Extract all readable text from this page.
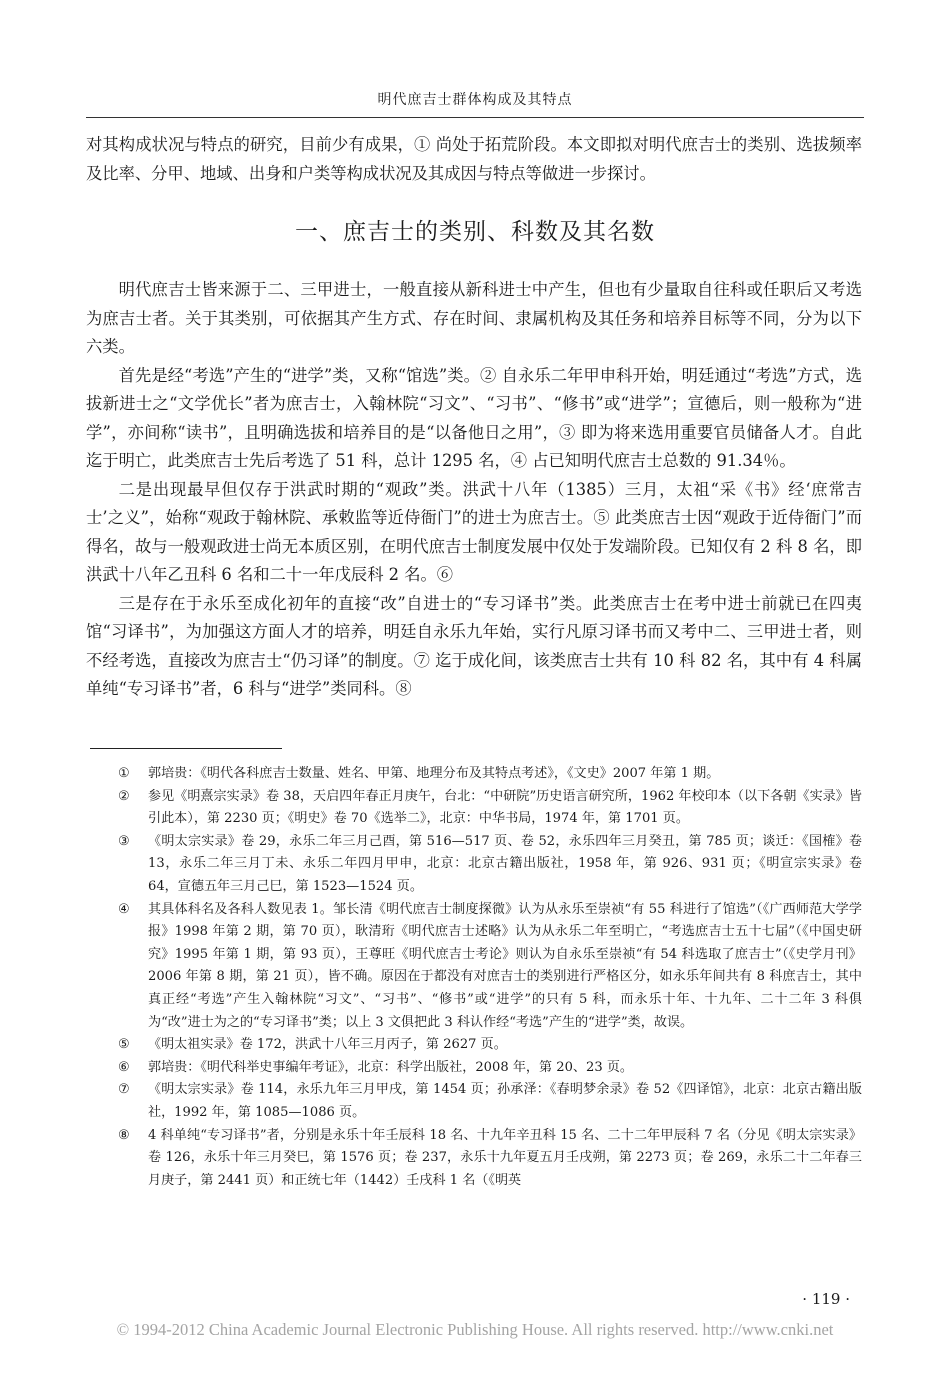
明代庶吉士群体构成及其特点

对其构成状况与特点的研究，目前少有成果，① 尚处于拓荒阶段。本文即拟对明代庶吉士的类别、选拔频率及比率、分甲、地域、出身和户类等构成状况及其成因与特点等做进一步探讨。

一、庶吉士的类别、科数及其名数

明代庶吉士皆来源于二、三甲进士，一般直接从新科进士中产生，但也有少量取自往科或任职后又考选为庶吉士者。关于其类别，可依据其产生方式、存在时间、隶属机构及其任务和培养目标等不同，分为以下六类。

首先是经“考选”产生的“进学”类，又称“馆选”类。② 自永乐二年甲申科开始，明廷通过“考选”方式，选拔新进士之“文学优长”者为庶吉士，入翰林院“习文”、“习书”、“修书”或“进学”；宣德后，则一般称为“进学”，亦间称“读书”，且明确选拔和培养目的是“以备他日之用”，③ 即为将来选用重要官员储备人才。自此迄于明亡，此类庶吉士先后考选了 51 科，总计 1295 名，④ 占已知明代庶吉士总数的 91.34％。

二是出现最早但仅存于洪武时期的“观政”类。洪武十八年（1385）三月，太祖“采《书》经‘庶常吉士’之义”，始称“观政于翰林院、承敕监等近侍衙门”的进士为庶吉士。⑤ 此类庶吉士因“观政于近侍衙门”而得名，故与一般观政进士尚无本质区别，在明代庶吉士制度发展中仅处于发端阶段。已知仅有 2 科 8 名，即洪武十八年乙丑科 6 名和二十一年戊辰科 2 名。⑥

三是存在于永乐至成化初年的直接“改”自进士的“专习译书”类。此类庶吉士在考中进士前就已在四夷馆“习译书”，为加强这方面人才的培养，明廷自永乐九年始，实行凡原习译书而又考中二、三甲进士者，则不经考选，直接改为庶吉士“仍习译”的制度。⑦ 迄于成化间，该类庶吉士共有 10 科 82 名，其中有 4 科属单纯“专习译书”者，6 科与“进学”类同科。⑧

①	郭培贵：《明代各科庶吉士数量、姓名、甲第、地理分布及其特点考述》，《文史》2007 年第 1 期。
②	参见《明熹宗实录》卷 38，天启四年春正月庚午，台北：“中研院”历史语言研究所，1962 年校印本（以下各朝《实录》皆引此本），第 2230 页；《明史》卷 70《选举二》，北京：中华书局，1974 年，第 1701 页。
③	《明太宗实录》卷 29，永乐二年三月己酉，第 516—517 页、卷 52，永乐四年三月癸丑，第 785 页；谈迁：《国榷》卷 13，永乐二年三月丁未、永乐二年四月甲申，北京：北京古籍出版社，1958 年，第 926、931 页；《明宣宗实录》卷 64，宣德五年三月己巳，第 1523—1524 页。
④	其具体科名及各科人数见表 1。邹长清《明代庶吉士制度探微》认为从永乐至崇祯“有 55 科进行了馆选”（《广西师范大学学报》1998 年第 2 期，第 70 页），耿清珩《明代庶吉士述略》认为从永乐二年至明亡，“考选庶吉士五十七届”（《中国史研究》1995 年第 1 期，第 93 页），王尊旺《明代庶吉士考论》则认为自永乐至崇祯“有 54 科选取了庶吉士”（《史学月刊》2006 年第 8 期，第 21 页），皆不确。原因在于都没有对庶吉士的类别进行严格区分，如永乐年间共有 8 科庶吉士，其中真正经“考选”产生入翰林院“习文”、“习书”、“修书”或“进学”的只有 5 科，而永乐十年、十九年、二十二年 3 科俱为“改”进士为之的“专习译书”类；以上 3 文俱把此 3 科认作经“考选”产生的“进学”类，故误。
⑤	《明太祖实录》卷 172，洪武十八年三月丙子，第 2627 页。
⑥	郭培贵：《明代科举史事编年考证》，北京：科学出版社，2008 年，第 20、23 页。
⑦	《明太宗实录》卷 114，永乐九年三月甲戌，第 1454 页；孙承泽：《春明梦余录》卷 52《四译馆》，北京：北京古籍出版社，1992 年，第 1085—1086 页。
⑧	4 科单纯“专习译书”者，分别是永乐十年壬辰科 18 名、十九年辛丑科 15 名、二十二年甲辰科 7 名（分见《明太宗实录》卷 126，永乐十年三月癸巳，第 1576 页；卷 237，永乐十九年夏五月壬戌朔，第 2273 页；卷 269，永乐二十二年春三月庚子，第 2441 页）和正统七年（1442）壬戌科 1 名（《明英
· 119 ·
© 1994-2012 China Academic Journal Electronic Publishing House. All rights reserved. http://www.cnki.net
